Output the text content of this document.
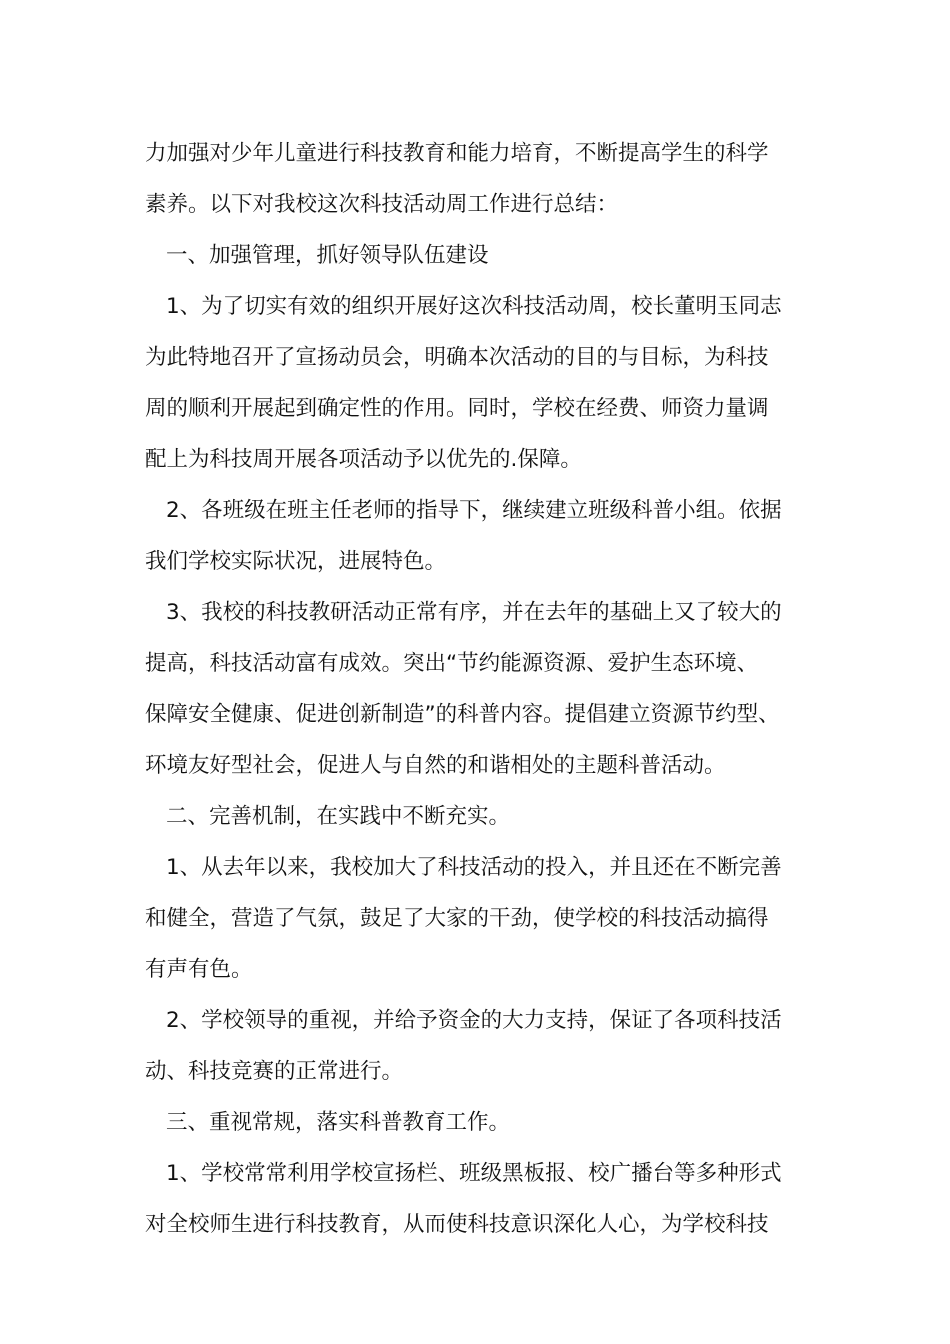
力加强对少年儿童进行科技教育和能力培育，不断提高学生的科学
素养。以下对我校这次科技活动周工作进行总结：
一、加强管理，抓好领导队伍建设
1、为了切实有效的组织开展好这次科技活动周，校长董明玉同志
为此特地召开了宣扬动员会，明确本次活动的目的与目标，为科技
周的顺利开展起到确定性的作用。同时，学校在经费、师资力量调
配上为科技周开展各项活动予以优先的.保障。
2、各班级在班主任老师的指导下，继续建立班级科普小组。依据
我们学校实际状况，进展特色。
3、我校的科技教研活动正常有序，并在去年的基础上又了较大的
提高，科技活动富有成效。突出“节约能源资源、爱护生态环境、
保障安全健康、促进创新制造”的科普内容。提倡建立资源节约型、
环境友好型社会，促进人与自然的和谐相处的主题科普活动。
二、完善机制，在实践中不断充实。
1、从去年以来，我校加大了科技活动的投入，并且还在不断完善
和健全，营造了气氛，鼓足了大家的干劲，使学校的科技活动搞得
有声有色。
2、学校领导的重视，并给予资金的大力支持，保证了各项科技活
动、科技竞赛的正常进行。
三、重视常规，落实科普教育工作。
1、学校常常利用学校宣扬栏、班级黑板报、校广播台等多种形式
对全校师生进行科技教育，从而使科技意识深化人心，为学校科技
